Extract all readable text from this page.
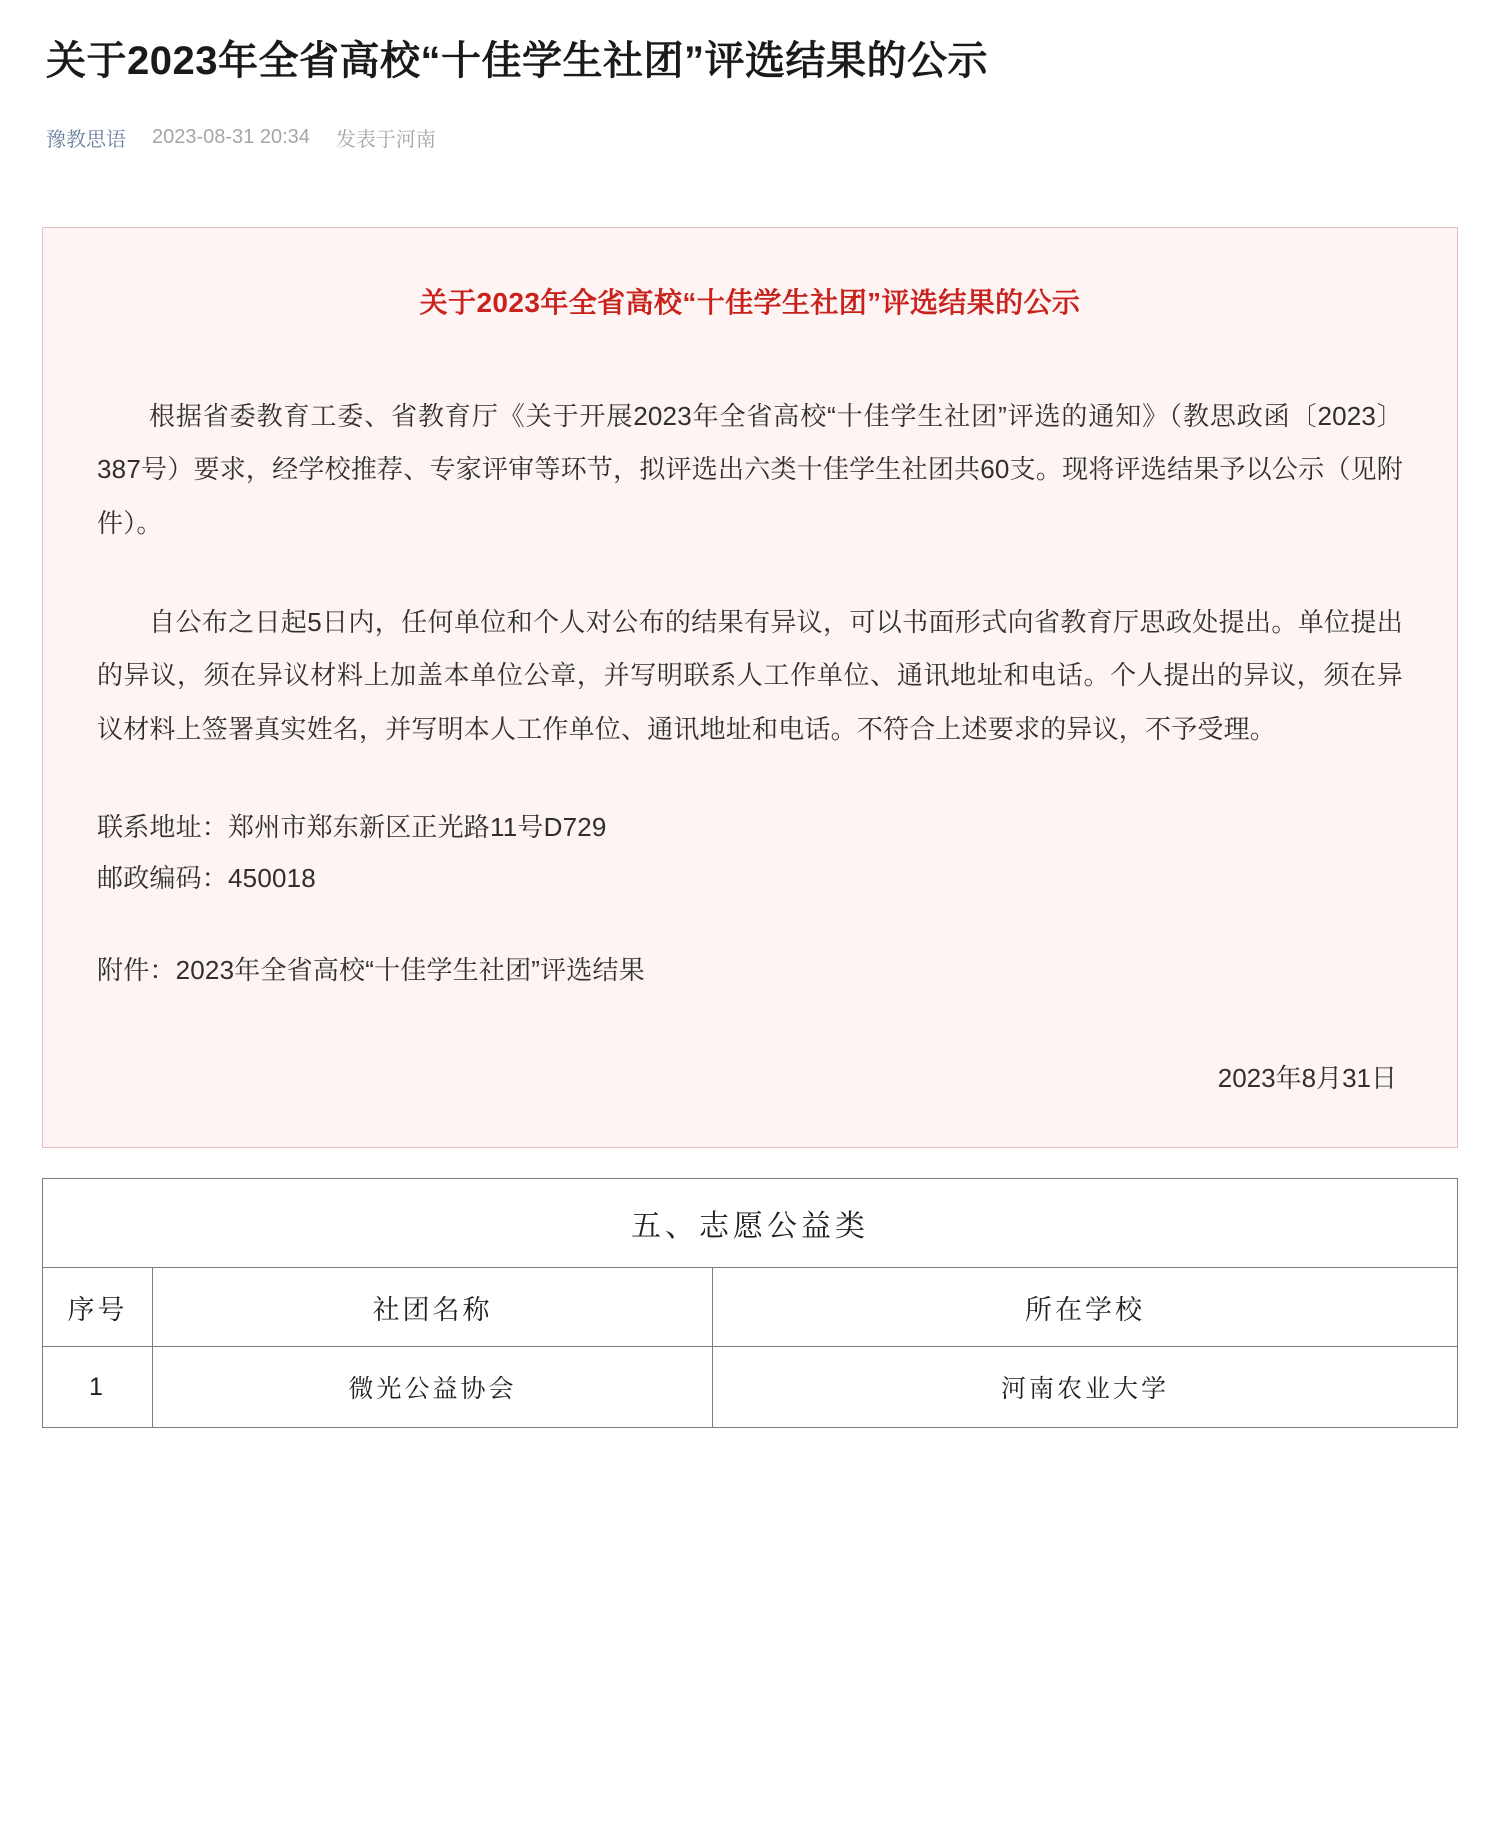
关于2023年全省高校“十佳学生社团”评选结果的公示
豫教思语 2023-08-31 20:34 发表于河南
关于2023年全省高校“十佳学生社团”评选结果的公示

根据省委教育工委、省教育厅《关于开展2023年全省高校“十佳学生社团”评选的通知》（教思政函〔2023〕387号）要求，经学校推荐、专家评审等环节，拟评选出六类十佳学生社团共60支。现将评选结果予以公示（见附件）。

自公布之日起5日内，任何单位和个人对公布的结果有异议，可以书面形式向省教育厅思政处提出。单位提出的异议，须在异议材料上加盖本单位公章，并写明联系人工作单位、通讯地址和电话。个人提出的异议，须在异议材料上签署真实姓名，并写明本人工作单位、通讯地址和电话。不符合上述要求的异议，不予受理。

联系地址：郑州市郑东新区正光路11号D729

邮政编码：450018

附件：2023年全省高校“十佳学生社团”评选结果

2023年8月31日
五、志愿公益类		
序号	社团名称	所在学校
1	微光公益协会	河南农业大学
